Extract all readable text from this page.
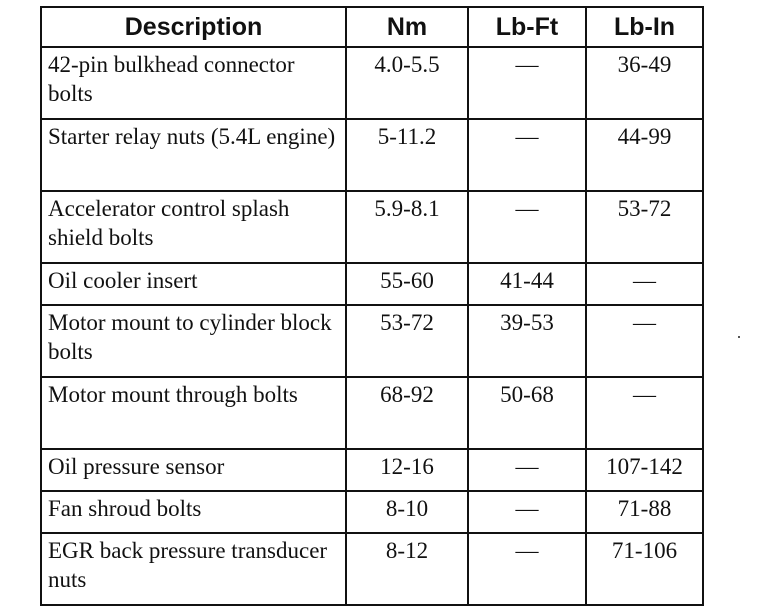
Description	Nm	Lb-Ft	Lb-In
42-pin bulkhead connector bolts	4.0-5.5	—	36-49
Starter relay nuts (5.4L engine)	5-11.2	—	44-99
Accelerator control splash shield bolts	5.9-8.1	—	53-72
Oil cooler insert	55-60	41-44	—
Motor mount to cylinder block bolts	53-72	39-53	—
Motor mount through bolts	68-92	50-68	—
Oil pressure sensor	12-16	—	107-142
Fan shroud bolts	8-10	—	71-88
EGR back pressure transducer nuts	8-12	—	71-106
